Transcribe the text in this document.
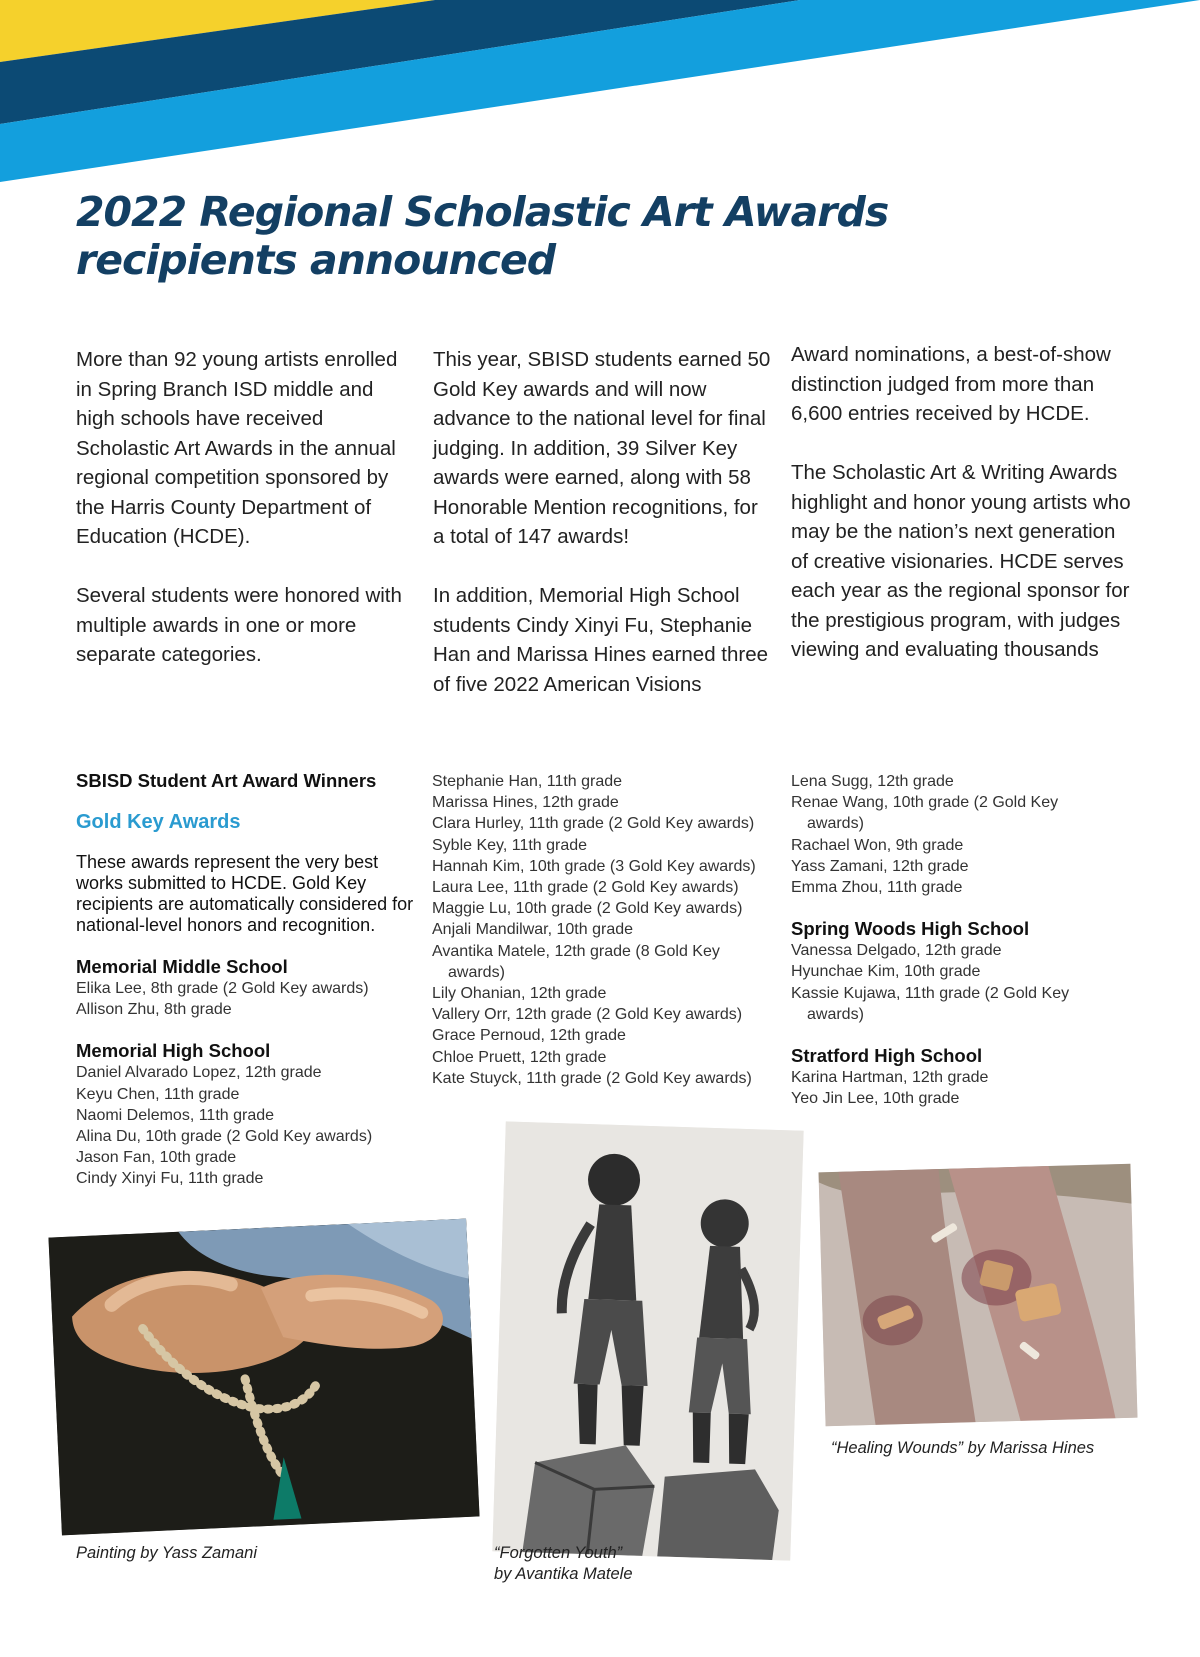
2022 Regional Scholastic Art Awards
recipients announced

More than 92 young artists enrolled in Spring Branch ISD middle and high schools have received Scholastic Art Awards in the annual regional competition sponsored by the Harris County Department of Education (HCDE).

Several students were honored with multiple awards in one or more separate categories.

This year, SBISD students earned 50 Gold Key awards and will now advance to the national level for final judging. In addition, 39 Silver Key awards were earned, along with 58 Honorable Mention recognitions, for a total of 147 awards!

In addition, Memorial High School students Cindy Xinyi Fu, Stephanie Han and Marissa Hines earned three of five 2022 American Visions

Award nominations, a best-of-show distinction judged from more than 6,600 entries received by HCDE.

The Scholastic Art & Writing Awards highlight and honor young artists who may be the nation’s next generation of creative visionaries. HCDE serves each year as the regional sponsor for the prestigious program, with judges viewing and evaluating thousands

SBISD Student Art Award Winners
Gold Key Awards
These awards represent the very best works submitted to HCDE. Gold Key recipients are automatically considered for national-level honors and recognition.
Memorial Middle School
Elika Lee, 8th grade (2 Gold Key awards)
Allison Zhu, 8th grade
Memorial High School
Daniel Alvarado Lopez, 12th grade
Keyu Chen, 11th grade
Naomi Delemos, 11th grade
Alina Du, 10th grade (2 Gold Key awards)
Jason Fan, 10th grade
Cindy Xinyi Fu, 11th grade
Stephanie Han, 11th grade
Marissa Hines, 12th grade
Clara Hurley, 11th grade (2 Gold Key awards)
Syble Key, 11th grade
Hannah Kim, 10th grade (3 Gold Key awards)
Laura Lee, 11th grade (2 Gold Key awards)
Maggie Lu, 10th grade (2 Gold Key awards)
Anjali Mandilwar, 10th grade
Avantika Matele, 12th grade (8 Gold Key awards)
Lily Ohanian, 12th grade
Vallery Orr, 12th grade (2 Gold Key awards)
Grace Pernoud, 12th grade
Chloe Pruett, 12th grade
Kate Stuyck, 11th grade (2 Gold Key awards)
Lena Sugg, 12th grade
Renae Wang, 10th grade (2 Gold Key awards)
Rachael Won, 9th grade
Yass Zamani, 12th grade
Emma Zhou, 11th grade
Spring Woods High School
Vanessa Delgado, 12th grade
Hyunchae Kim, 10th grade
Kassie Kujawa, 11th grade (2 Gold Key awards)
Stratford High School
Karina Hartman, 12th grade
Yeo Jin Lee, 10th grade
Painting by Yass Zamani	“Forgotten Youth”
by Avantika Matele
“Healing Wounds” by Marissa Hines
